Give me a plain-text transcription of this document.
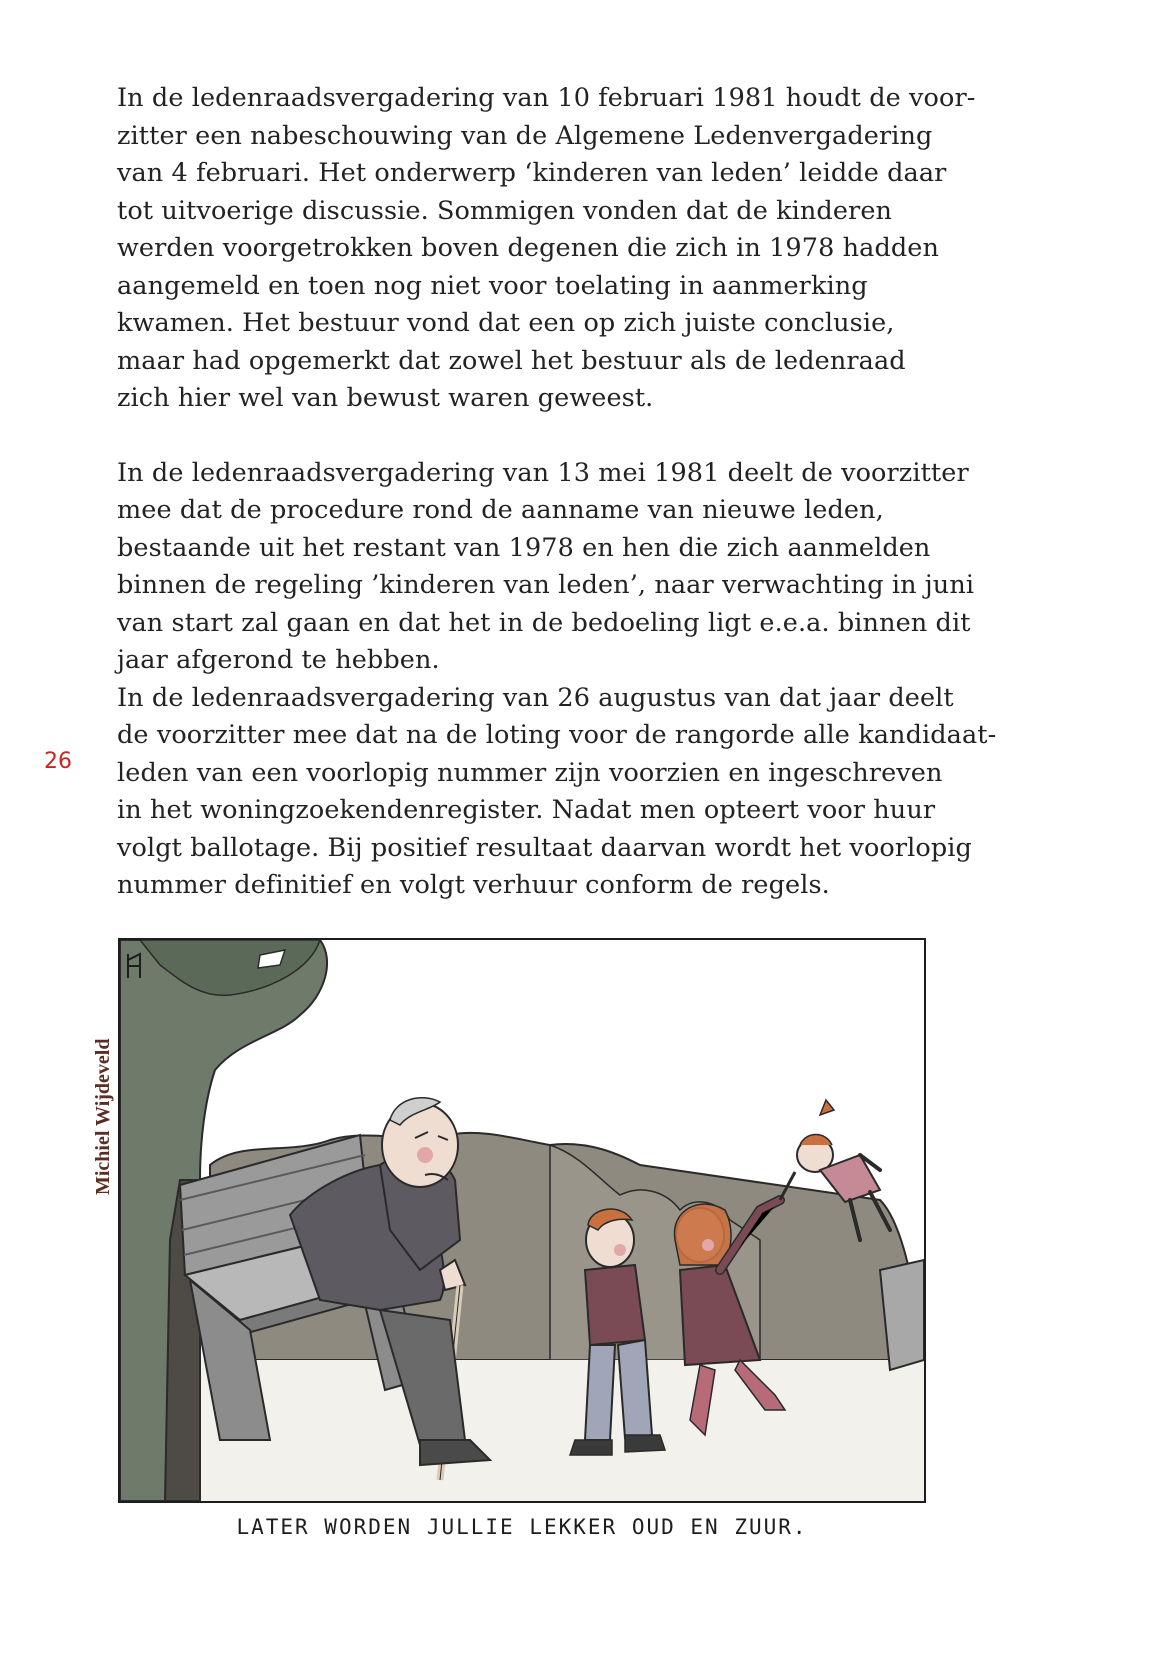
In de ledenraadsvergadering van 10 februari 1981 houdt de voor-
zitter een nabeschouwing van de Algemene Ledenvergadering
van 4 februari. Het onderwerp ‘kinderen van leden’ leidde daar
tot uitvoerige discussie. Sommigen vonden dat de kinderen
werden voorgetrokken boven degenen die zich in 1978 hadden
aangemeld en toen nog niet voor toelating in aanmerking
kwamen. Het bestuur vond dat een op zich juiste conclusie,
maar had opgemerkt dat zowel het bestuur als de ledenraad
zich hier wel van bewust waren geweest.
In de ledenraadsvergadering van 13 mei 1981 deelt de voorzitter
mee dat de procedure rond de aanname van nieuwe leden,
bestaande uit het restant van 1978 en hen die zich aanmelden
binnen de regeling ’kinderen van leden’, naar verwachting in juni
van start zal gaan en dat het in de bedoeling ligt e.e.a. binnen dit
jaar afgerond te hebben.
In de ledenraadsvergadering van 26 augustus van dat jaar deelt
de voorzitter mee dat na de loting voor de rangorde alle kandidaat-
leden van een voorlopig nummer zijn voorzien en ingeschreven
in het woningzoekendenregister. Nadat men opteert voor huur
volgt ballotage. Bij positief resultaat daarvan wordt het voorlopig
nummer definitief en volgt verhuur conform de regels.
26
Michiel Wijdeveld
LATER WORDEN JULLIE LEKKER OUD EN ZUUR.
